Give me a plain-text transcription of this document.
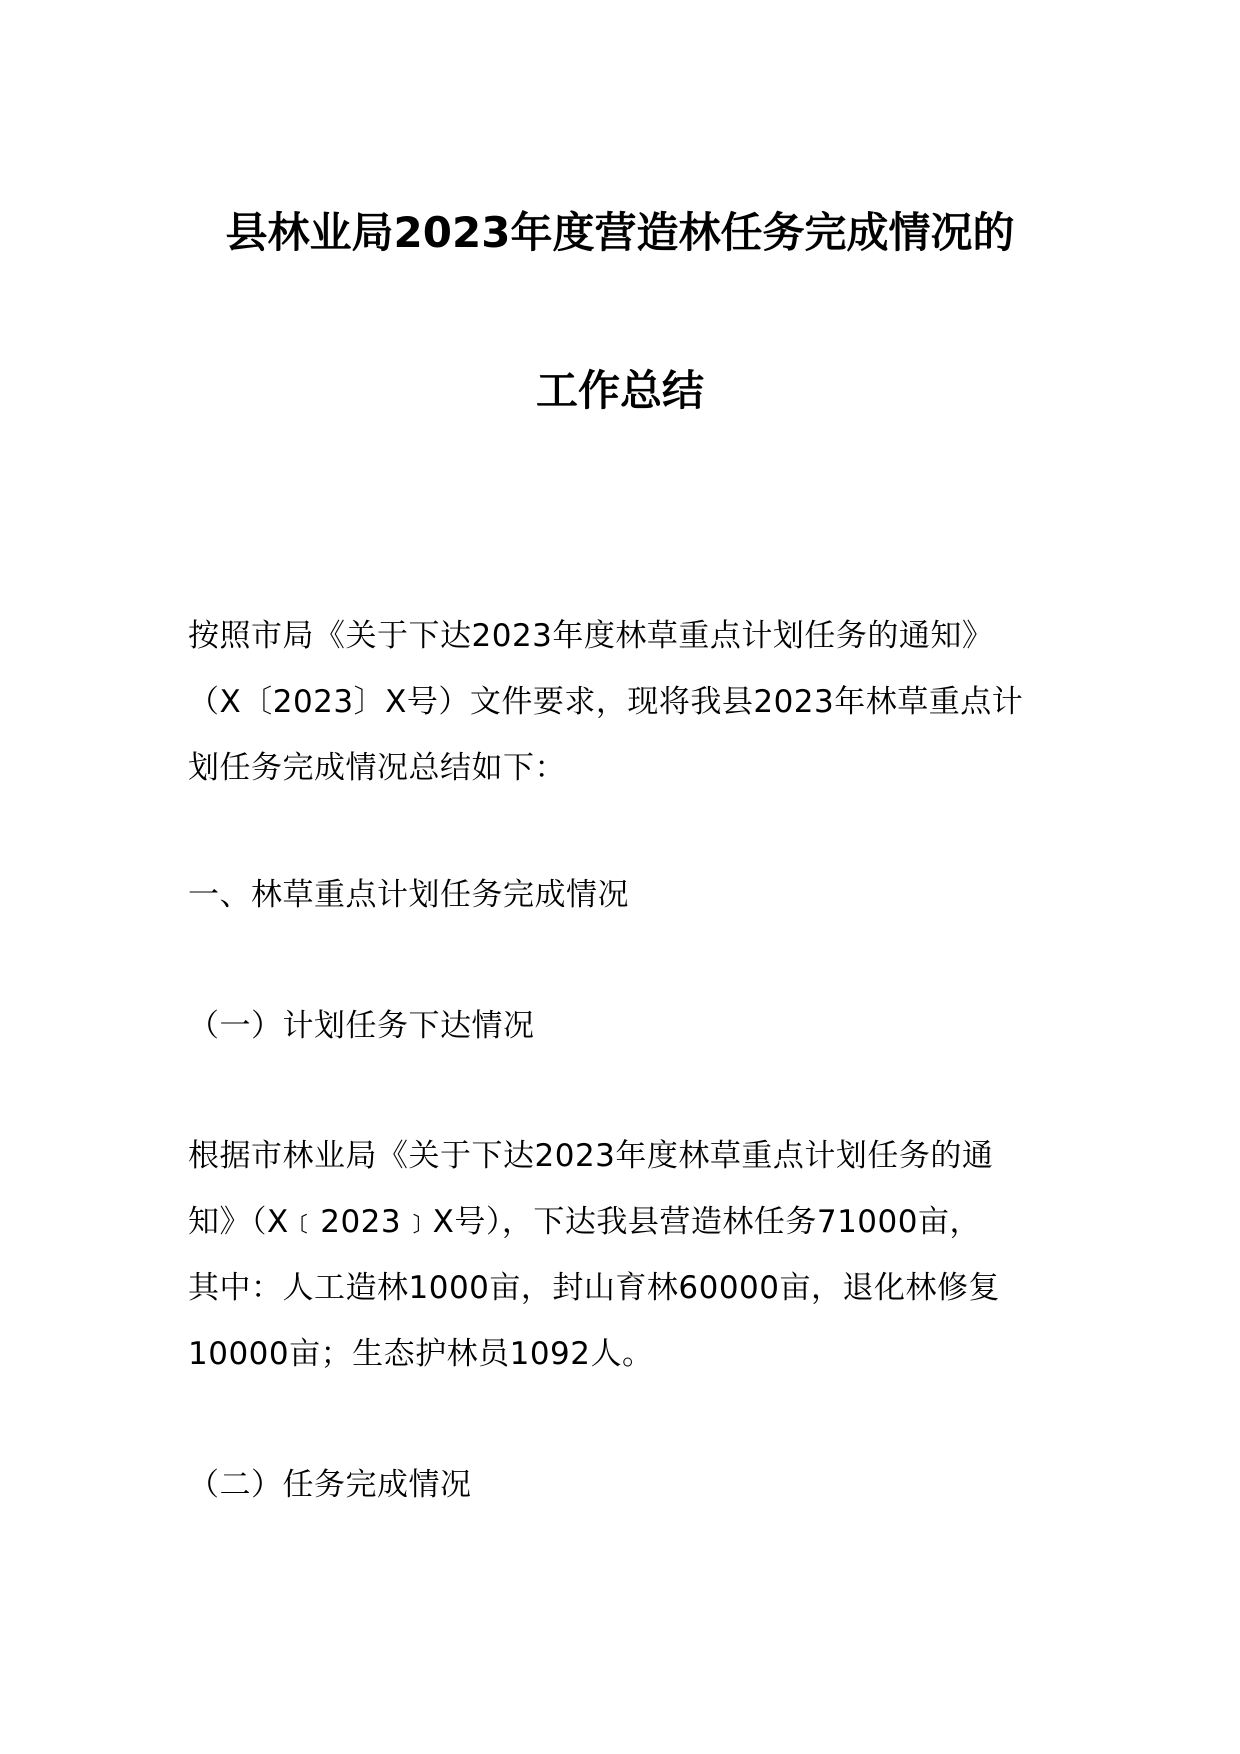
县林业局2023年度营造林任务完成情况的
工作总结
按照市局《关于下达2023年度林草重点计划任务的通知》
（X〔2023〕X号）文件要求，现将我县2023年林草重点计
划任务完成情况总结如下：
一、林草重点计划任务完成情况
（一）计划任务下达情况
根据市林业局《关于下达2023年度林草重点计划任务的通
知》（X﹝2023﹞X号），下达我县营造林任务71000亩，
其中：人工造林1000亩，封山育林60000亩，退化林修复
10000亩；生态护林员1092人。
（二）任务完成情况
